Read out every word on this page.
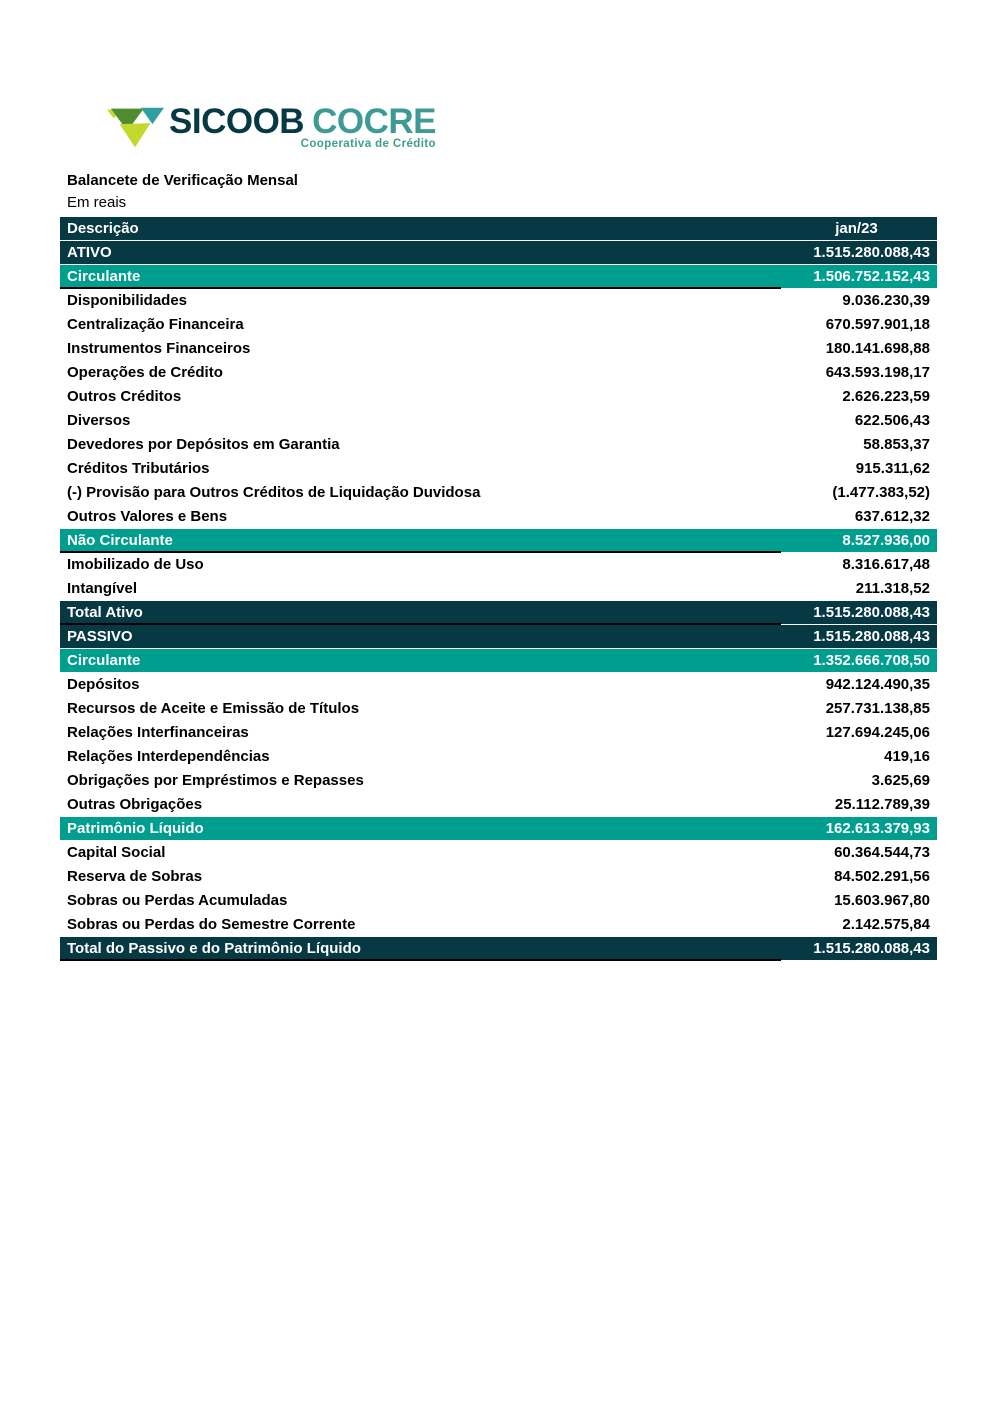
SICOOB COCRE
Cooperativa de Crédito
Balancete de Verificação Mensal
Em reais
Descrição	jan/23
ATIVO	1.515.280.088,43
Circulante	1.506.752.152,43
Disponibilidades	9.036.230,39
Centralização Financeira	670.597.901,18
Instrumentos Financeiros	180.141.698,88
Operações de Crédito	643.593.198,17
Outros Créditos	2.626.223,59
Diversos	622.506,43
Devedores por Depósitos em Garantia	58.853,37
Créditos Tributários	915.311,62
(-) Provisão para Outros Créditos de Liquidação Duvidosa	(1.477.383,52)
Outros Valores e Bens	637.612,32
Não Circulante	8.527.936,00
Imobilizado de Uso	8.316.617,48
Intangível	211.318,52
Total Ativo	1.515.280.088,43
PASSIVO	1.515.280.088,43
Circulante	1.352.666.708,50
Depósitos	942.124.490,35
Recursos de Aceite e Emissão de Títulos	257.731.138,85
Relações Interfinanceiras	127.694.245,06
Relações Interdependências	419,16
Obrigações por Empréstimos e Repasses	3.625,69
Outras Obrigações	25.112.789,39
Patrimônio Líquido	162.613.379,93
Capital Social	60.364.544,73
Reserva de Sobras	84.502.291,56
Sobras ou Perdas Acumuladas	15.603.967,80
Sobras ou Perdas do Semestre Corrente	2.142.575,84
Total do Passivo e do Patrimônio Líquido	1.515.280.088,43
